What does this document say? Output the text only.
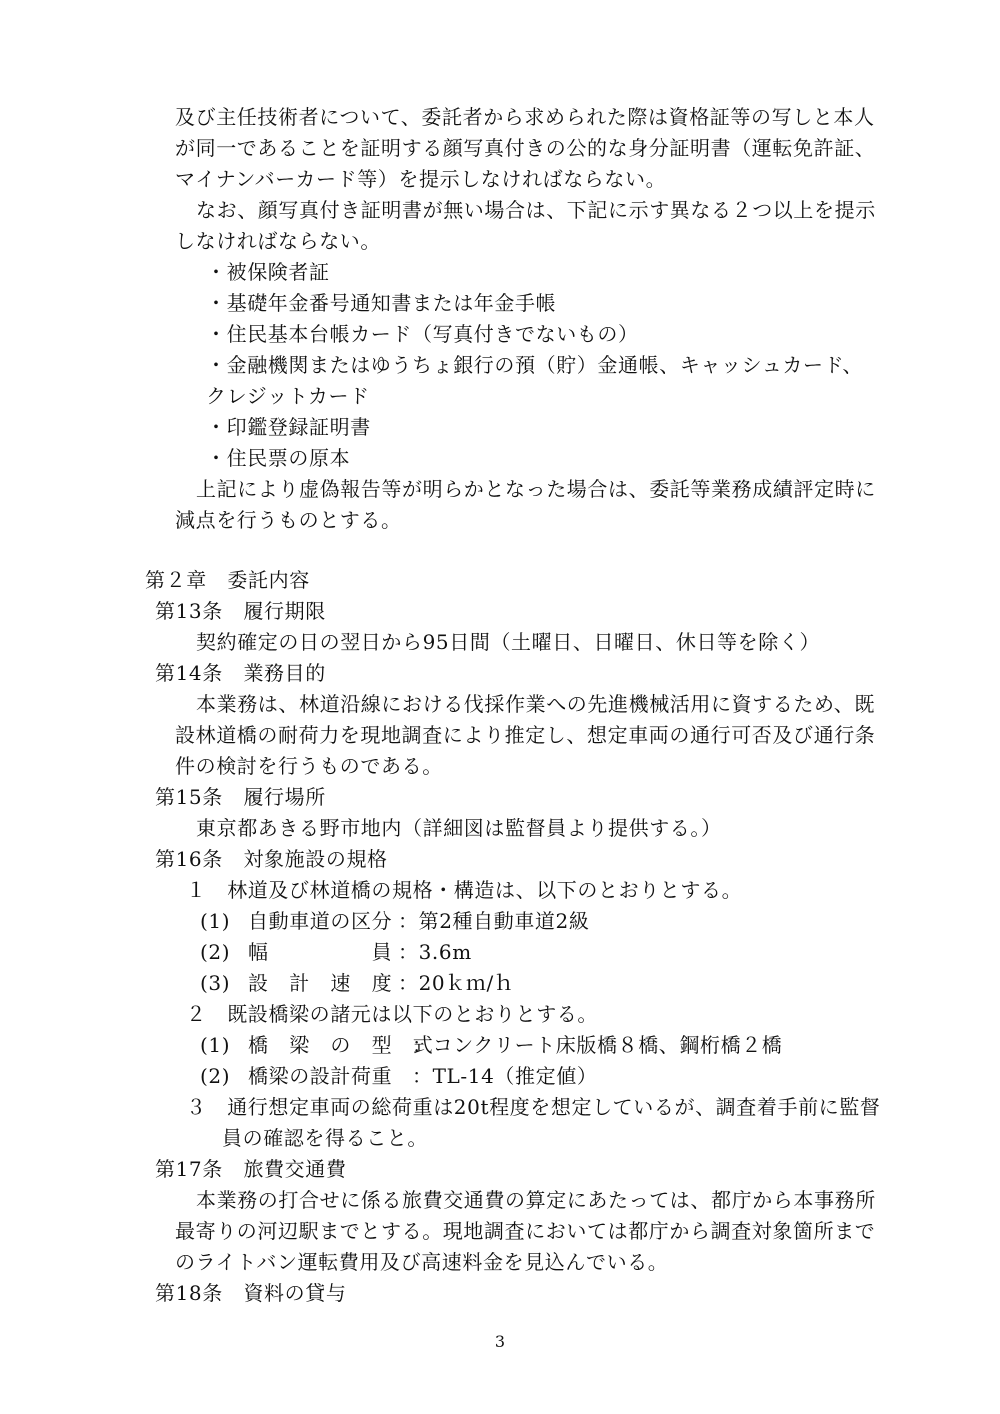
及び主任技術者について、委託者から求められた際は資格証等の写しと本人
が同一であることを証明する顔写真付きの公的な身分証明書（運転免許証、
マイナンバーカード等）を提示しなければならない。
なお、顔写真付き証明書が無い場合は、下記に示す異なる２つ以上を提示
しなければならない。
・被保険者証
・基礎年金番号通知書または年金手帳
・住民基本台帳カード（写真付きでないもの）
・金融機関またはゆうちょ銀行の預（貯）金通帳、キャッシュカード、
クレジットカード
・印鑑登録証明書
・住民票の原本
上記により虚偽報告等が明らかとなった場合は、委託等業務成績評定時に
減点を行うものとする。
第２章　委託内容
第13条　履行期限
契約確定の日の翌日から95日間（土曜日、日曜日、休日等を除く）
第14条　業務目的
本業務は、林道沿線における伐採作業への先進機械活用に資するため、既
設林道橋の耐荷力を現地調査により推定し、想定車両の通行可否及び通行条
件の検討を行うものである。
第15条　履行場所
東京都あきる野市地内（詳細図は監督員より提供する。）
第16条　対象施設の規格
１　林道及び林道橋の規格・構造は、以下のとおりとする。
(1) 自動車道の区分 ：第2種自動車道2級
(2) 幅　　　　　員 ：3.6m
(3) 設　計　速　度 ：20ｋｍ/ｈ
２　既設橋梁の諸元は以下のとおりとする。
(1) 橋　梁　の　型　式
：コンクリート床版橋８橋、鋼桁橋２橋
(2) 橋梁の設計荷重 ：TL-14（推定値）
３　通行想定車両の総荷重は20t程度を想定しているが、調査着手前に監督
員の確認を得ること。
第17条　旅費交通費
本業務の打合せに係る旅費交通費の算定にあたっては、都庁から本事務所
最寄りの河辺駅までとする。現地調査においては都庁から調査対象箇所まで
のライトバン運転費用及び高速料金を見込んでいる。
第18条　資料の貸与
3
